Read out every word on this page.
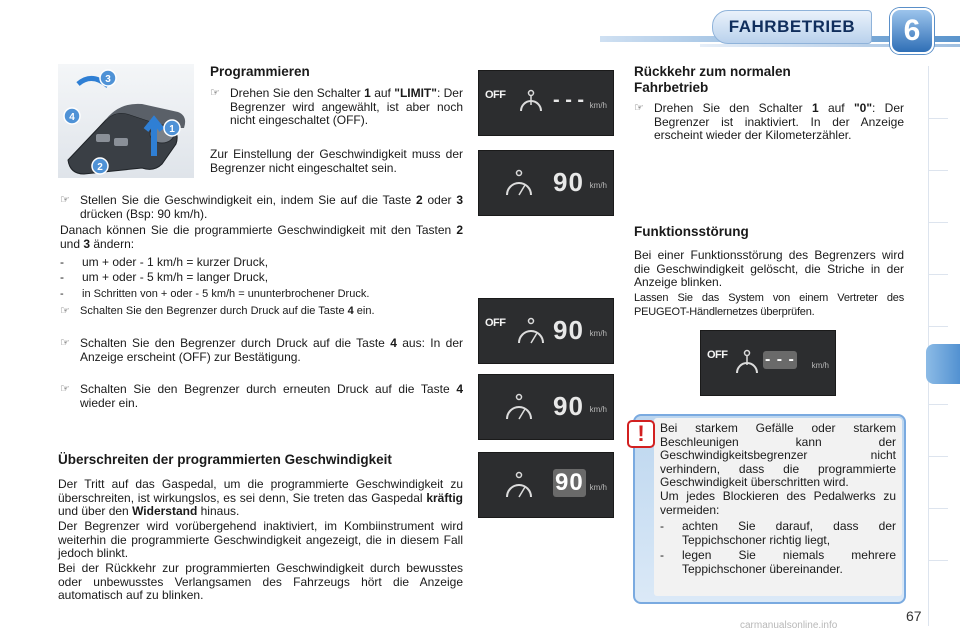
FAHRBETRIEB	6
3
4
1
2
Programmieren
☞ Drehen Sie den Schalter 1 auf "LIMIT": Der Begrenzer wird angewählt, ist aber noch nicht eingeschaltet (OFF).
Zur Einstellung der Geschwindigkeit muss der Begrenzer nicht eingeschaltet sein.
☞ Stellen Sie die Geschwindigkeit ein, indem Sie auf die Taste 2 oder 3 drücken (Bsp: 90 km/h).
Danach können Sie die programmierte Geschwindigkeit mit den Tasten 2 und 3 ändern:
-	um + oder - 1 km/h = kurzer Druck,
-	um + oder - 5 km/h = langer Druck,
-	in Schritten von + oder - 5 km/h = ununterbrochener Druck.
☞ Schalten Sie den Begrenzer durch Druck auf die Taste 4 ein.
☞ Schalten Sie den Begrenzer durch Druck auf die Taste 4 aus: In der Anzeige erscheint (OFF) zur Bestätigung.
☞ Schalten Sie den Begrenzer durch erneuten Druck auf die Taste 4 wieder ein.
Überschreiten der programmierten Geschwindigkeit
Der Tritt auf das Gaspedal, um die programmierte Geschwindigkeit zu überschreiten, ist wirkungslos, es sei denn, Sie treten das Gaspedal kräftig und über den Widerstand hinaus.
Der Begrenzer wird vorübergehend inaktiviert, im Kombiinstrument wird weiterhin die programmierte Geschwindigkeit angezeigt, die in diesem Fall jedoch blinkt.
Bei der Rückkehr zur programmierten Geschwindigkeit durch bewusstes oder unbewusstes Verlangsamen des Fahrzeugs hört die Anzeige automatisch auf zu blinken.
OFF - - - km/h
90 km/h
OFF 90 km/h
90 km/h
90 km/h
OFF - - - km/h
Rückkehr zum normalen Fahrbetrieb
☞ Drehen Sie den Schalter 1 auf "0": Der Begrenzer ist inaktiviert. In der Anzeige erscheint wieder der Kilometerzähler.
Funktionsstörung
Bei einer Funktionsstörung des Begrenzers wird die Geschwindigkeit gelöscht, die Striche in der Anzeige blinken.
Lassen Sie das System von einem Vertreter des PEUGEOT-Händlernetzes überprüfen.
!	Bei starkem Gefälle oder starkem Beschleunigen kann der Geschwindigkeitsbegrenzer nicht verhindern, dass die programmierte Geschwindigkeit überschritten wird.
Um jedes Blockieren des Pedalwerks zu vermeiden:
-	achten Sie darauf, dass der Teppichschoner richtig liegt,
-	legen Sie niemals mehrere Teppichschoner übereinander.
67
carmanualsonline.info
